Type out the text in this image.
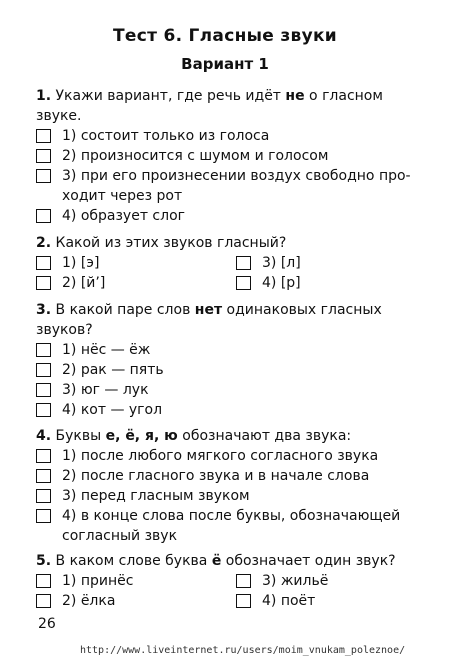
Тест 6. Гласные звуки
Вариант 1
1. Укажи вариант, где речь идёт не о гласном звуке.
1) состоит только из голоса
2) произносится с шумом и голосом
3) при его произнесении воздух свободно про-
ходит через рот
4) образует слог
2. Какой из этих звуков гласный?
1) [э]
2) [й’]
3) [л]
4) [р]
3. В какой паре слов нет одинаковых гласных
звуков?
1) нёс — ёж
2) рак — пять
3) юг — лук
4) кот — угол
4. Буквы е, ё, я, ю обозначают два звука:
1) после любого мягкого согласного звука
2) после гласного звука и в начале слова
3) перед гласным звуком
4) в конце слова после буквы, обозначающей
согласный звук
5. В каком слове буква ё обозначает один звук?
1) принёс
2) ёлка
3) жильё
4) поёт
26
http://www.liveinternet.ru/users/moim_vnukam_poleznoe/
